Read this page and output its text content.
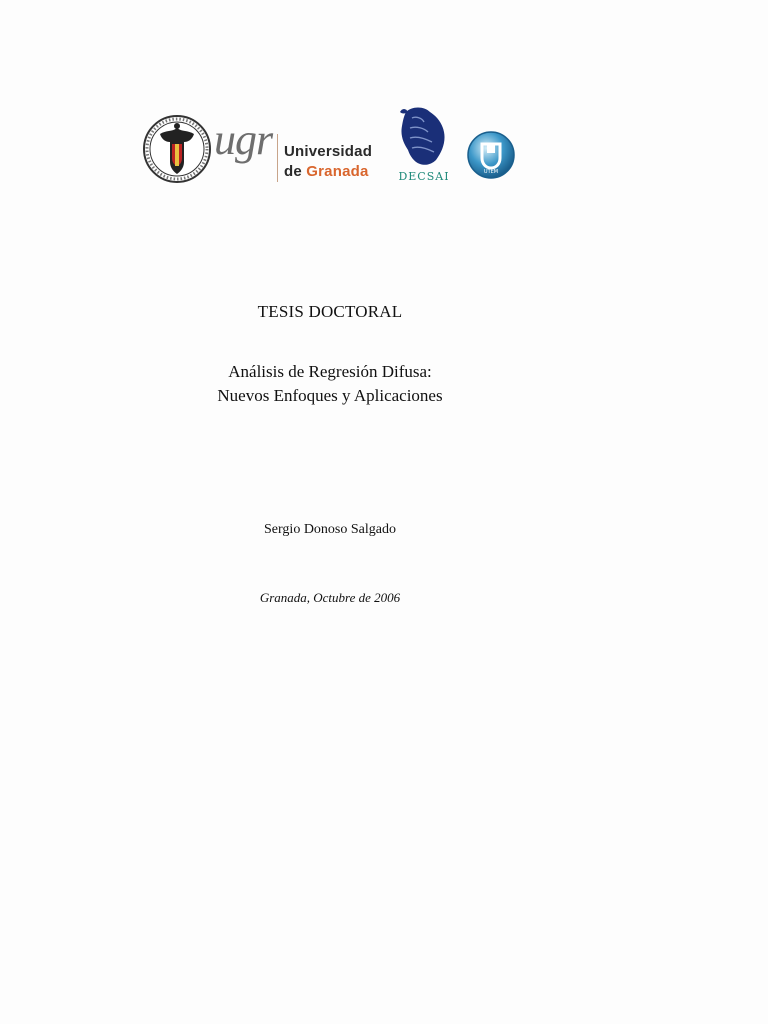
ugr Universidad
de Granada	DECSAI	UTEM
TESIS DOCTORAL
Análisis de Regresión Difusa:
Nuevos Enfoques y Aplicaciones
Sergio Donoso Salgado
Granada, Octubre de 2006
